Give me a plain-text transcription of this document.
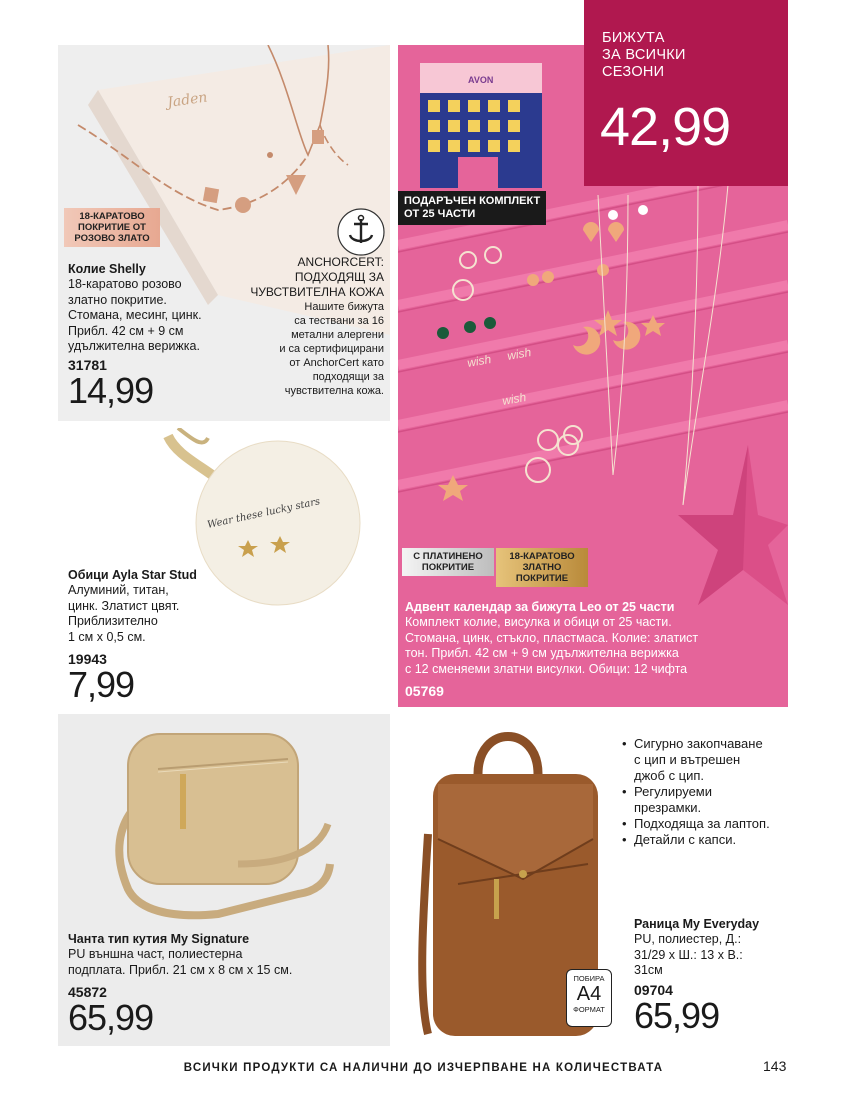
Jaden
18-КАРАТОВО
ПОКРИТИЕ ОТ
РОЗОВО ЗЛАТО
Колие Shelly
18-каратово розово
златно покритие.
Стомана, месинг, цинк.
Прибл. 42 см + 9 см
удължителна верижка.
31781
14,99
ANCHORCERT:
ПОДХОДЯЩ ЗА
ЧУВСТВИТЕЛНА КОЖА
Нашите бижута
са тествани за 16
метални алергени
и са сертифицирани
от AnchorCert като
подходящи за
чувствителна кожа.
AVON
wish wish
wish
ПОДАРЪЧЕН КОМПЛЕКТ
ОТ 25 ЧАСТИ
С ПЛАТИНЕНО
ПОКРИТИЕ
18-КАРАТОВО
ЗЛАТНО
ПОКРИТИЕ
Адвент календар за бижута Leo от 25 части
Комплект колие, висулка и обици от 25 части.
Стомана, цинк, стъкло, пластмаса. Колие: златист
тон. Прибл. 42 см + 9 см удължителна верижка
с 12 сменяеми златни висулки. Обици: 12 чифта
05769
БИЖУТА
ЗА ВСИЧКИ
СЕЗОНИ
42,99
Wear these lucky stars
Обици Ayla Star Stud
Алуминий, титан,
цинк. Златист цвят.
Приблизително
1 см х 0,5 см.
19943
7,99
Чанта тип кутия My Signature
PU външна част, полиестерна
подплата. Прибл. 21 см х 8 см х 15 см.
45872
65,99
ПОБИРА
А4
ФОРМАТ
• Сигурно закопчаване
с цип и вътрешен
джоб с цип.
• Регулируеми
презрамки.
• Подходяща за лаптоп.
• Детайли с капси.
Раница My Everyday
PU, полиестер, Д.:
31/29 х Ш.: 13 х В.:
31см
09704
65,99
ВСИЧКИ ПРОДУКТИ СА НАЛИЧНИ ДО ИЗЧЕРПВАНЕ НА КОЛИЧЕСТВАТА	143
